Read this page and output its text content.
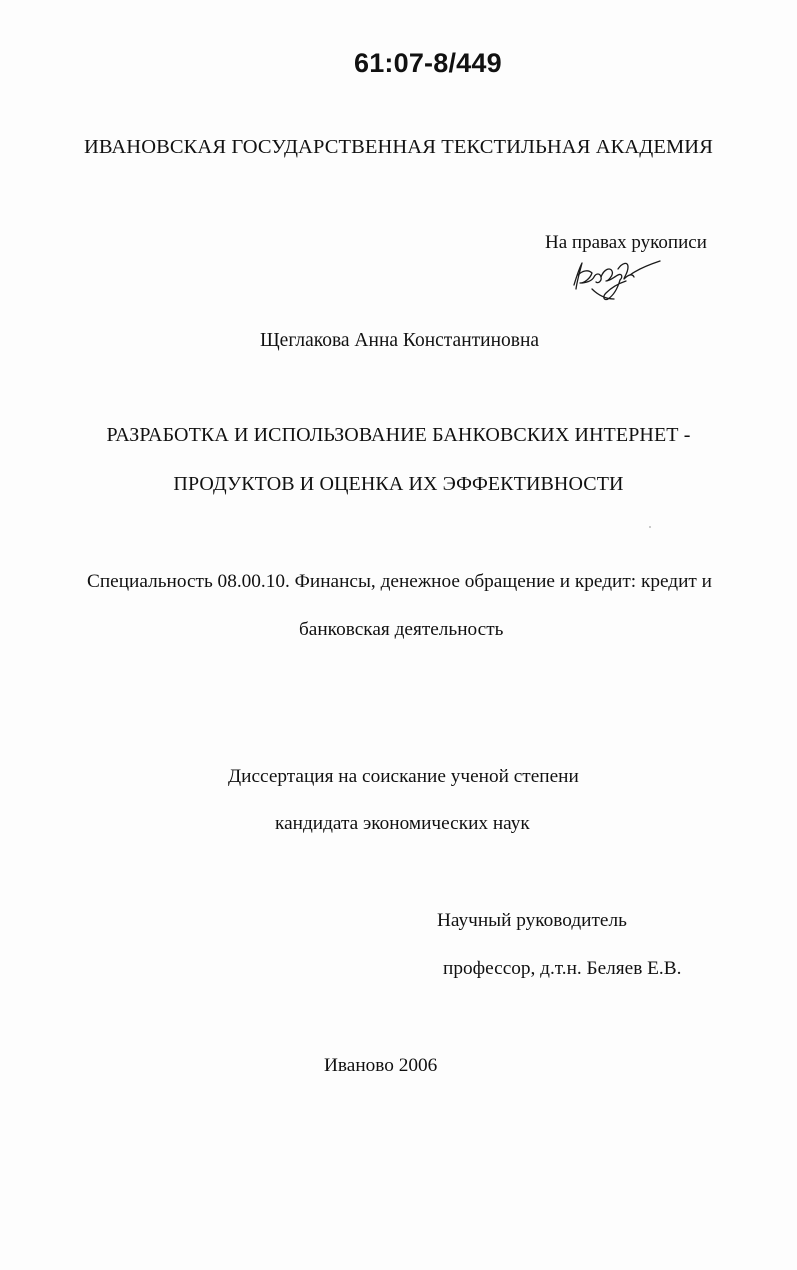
61:07-8/449

ИВАНОВСКАЯ ГОСУДАРСТВЕННАЯ ТЕКСТИЛЬНАЯ АКАДЕМИЯ

На правах рукописи

Щеглакова Анна Константиновна

РАЗРАБОТКА И ИСПОЛЬЗОВАНИЕ БАНКОВСКИХ ИНТЕРНЕТ -

ПРОДУКТОВ И ОЦЕНКА ИХ ЭФФЕКТИВНОСТИ

Специальность 08.00.10. Финансы, денежное обращение и кредит: кредит и

банковская деятельность

Диссертация на соискание ученой степени

кандидата экономических наук

Научный руководитель

профессор, д.т.н. Беляев Е.В.

Иваново 2006
